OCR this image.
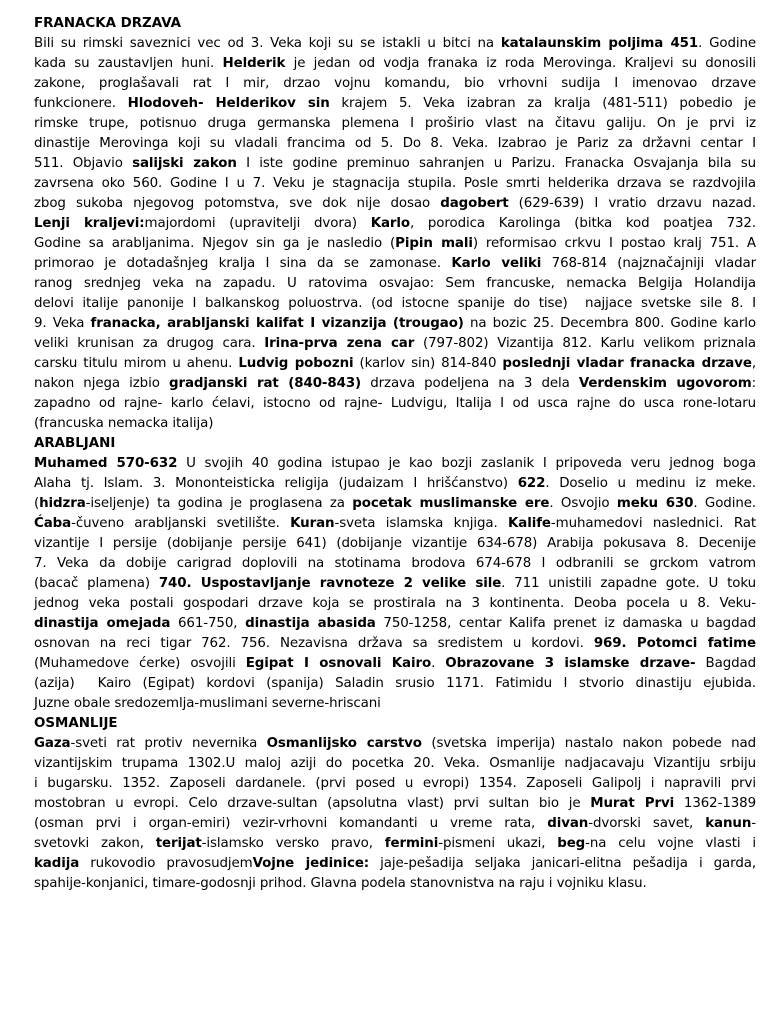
FRANACKA DRZAVA
Bili su rimski saveznici vec od 3. Veka koji su se istakli u bitci na katalaunskim poljima 451. Godine
kada su zaustavljen huni. Helderik je jedan od vodja franaka iz roda Merovinga. Kraljevi su donosili
zakone, proglašavali rat I mir, drzao vojnu komandu, bio vrhovni sudija I imenovao drzave
funkcionere. Hlodoveh- Helderikov sin krajem 5. Veka izabran za kralja (481-511) pobedio je
rimske trupe, potisnuo druga germanska plemena I proširio vlast na čitavu galiju. On je prvi iz
dinastije Merovinga koji su vladali francima od 5. Do 8. Veka. Izabrao je Pariz za državni centar I
511. Objavio salijski zakon I iste godine preminuo sahranjen u Parizu. Franacka Osvajanja bila su
zavrsena oko 560. Godine I u 7. Veku je stagnacija stupila. Posle smrti helderika drzava se razdvojila
zbog sukoba njegovog potomstva, sve dok nije dosao dagobert (629-639) I vratio drzavu nazad.
Lenji kraljevi:majordomi (upravitelji dvora) Karlo, porodica Karolinga (bitka kod poatjea 732.
Godine sa arabljanima. Njegov sin ga je nasledio (Pipin mali) reformisao crkvu I postao kralj 751. A
primorao je dotadašnjeg kralja I sina da se zamonase. Karlo veliki 768-814 (najznačajniji vladar
ranog srednjeg veka na zapadu. U ratovima osvajao: Sem francuske, nemacka Belgija Holandija
delovi italije panonije I balkanskog poluostrva. (od istocne spanije do tise)  najjace svetske sile 8. I
9. Veka franacka, arabljanski kalifat I vizanzija (trougao) na bozic 25. Decembra 800. Godine karlo
veliki krunisan za drugog cara. Irina-prva zena car (797-802) Vizantija 812. Karlu velikom priznala
carsku titulu mirom u ahenu. Ludvig pobozni (karlov sin) 814-840 poslednji vladar franacka drzave,
nakon njega izbio gradjanski rat (840-843) drzava podeljena na 3 dela Verdenskim ugovorom:
zapadno od rajne- karlo ćelavi, istocno od rajne- Ludvigu, Italija I od usca rajne do usca rone-lotaru
(francuska nemacka italija)
ARABLJANI
Muhamed 570-632 U svojih 40 godina istupao je kao bozji zaslanik I pripoveda veru jednog boga
Alaha tj. Islam. 3. Mononteisticka religija (judaizam I hrišćanstvo) 622. Doselio u medinu iz meke.
(hidzra-iseljenje) ta godina je proglasena za pocetak muslimanske ere. Osvojio meku 630. Godine.
Ćaba-čuveno arabljanski svetilište. Kuran-sveta islamska knjiga. Kalife-muhamedovi naslednici. Rat
vizantije I persije (dobijanje persije 641) (dobijanje vizantije 634-678) Arabija pokusava 8. Decenije
7. Veka da dobije carigrad doplovili na stotinama brodova 674-678 I odbranili se grckom vatrom
(bacač plamena) 740. Uspostavljanje ravnoteze 2 velike sile. 711 unistili zapadne gote. U toku
jednog veka postali gospodari drzave koja se prostirala na 3 kontinenta. Deoba pocela u 8. Veku-
dinastija omejada 661-750, dinastija abasida 750-1258, centar Kalifa prenet iz damaska u bagdad
osnovan na reci tigar 762. 756. Nezavisna država sa sredistem u kordovi. 969. Potomci fatime
(Muhamedove ćerke) osvojili Egipat I osnovali Kairo. Obrazovane 3 islamske drzave- Bagdad
(azija)  Kairo (Egipat) kordovi (spanija) Saladin srusio 1171. Fatimidu I stvorio dinastiju ejubida.
Juzne obale sredozemlja-muslimani severne-hriscani
OSMANLIJE
Gaza-sveti rat protiv nevernika Osmanlijsko carstvo (svetska imperija) nastalo nakon pobede nad
vizantijskim trupama 1302.U maloj aziji do pocetka 20. Veka. Osmanlije nadjacavaju Vizantiju srbiju
i bugarsku. 1352. Zaposeli dardanele. (prvi posed u evropi) 1354. Zaposeli Galipolj i napravili prvi
mostobran u evropi. Celo drzave-sultan (apsolutna vlast) prvi sultan bio je Murat Prvi 1362-1389
(osman prvi i organ-emiri) vezir-vrhovni komandanti u vreme rata, divan-dvorski savet, kanun-
svetovki zakon, terijat-islamsko versko pravo, fermini-pismeni ukazi, beg-na celu vojne vlasti i
kadija rukovodio pravosudjemVojne jedinice: jaje-pešadija seljaka janicari-elitna pešadija i garda,
spahije-konjanici, timare-godosnji prihod. Glavna podela stanovnistva na raju i vojniku klasu.
